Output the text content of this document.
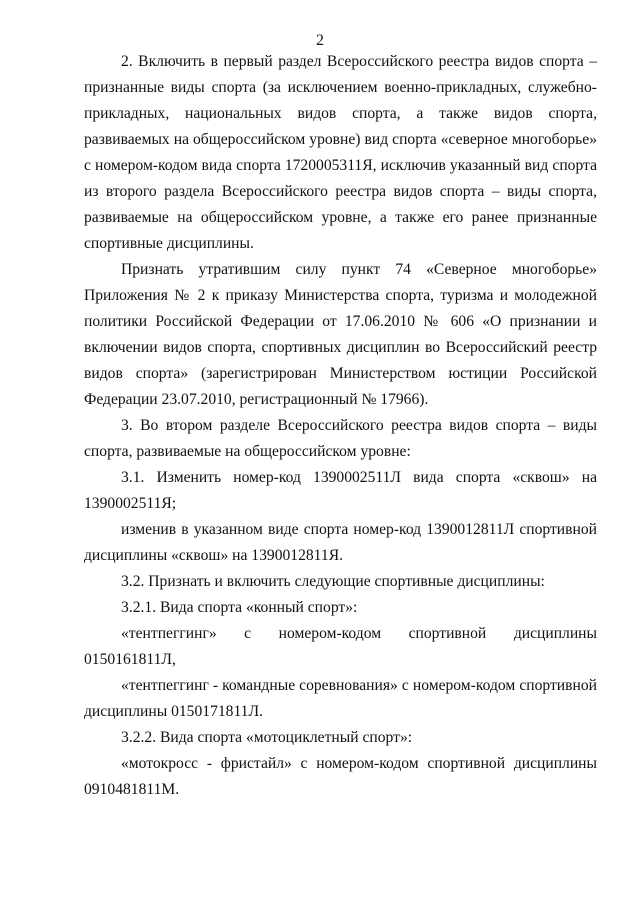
2

2. Включить в первый раздел Всероссийского реестра видов спорта – признанные виды спорта (за исключением военно-прикладных, служебно-прикладных, национальных видов спорта, а также видов спорта, развиваемых на общероссийском уровне) вид спорта «северное многоборье» с номером-кодом вида спорта 1720005311Я, исключив указанный вид спорта из второго раздела Всероссийского реестра видов спорта – виды спорта, развиваемые на общероссийском уровне, а также его ранее признанные спортивные дисциплины.

Признать утратившим силу пункт 74 «Северное многоборье» Приложения № 2 к приказу Министерства спорта, туризма и молодежной политики Российской Федерации от 17.06.2010 № 606 «О признании и включении видов спорта, спортивных дисциплин во Всероссийский реестр видов спорта» (зарегистрирован Министерством юстиции Российской Федерации 23.07.2010, регистрационный № 17966).

3. Во втором разделе Всероссийского реестра видов спорта – виды спорта, развиваемые на общероссийском уровне:

3.1. Изменить номер-код 1390002511Л вида спорта «сквош» на 1390002511Я;

изменив в указанном виде спорта номер-код 1390012811Л спортивной дисциплины «сквош» на 1390012811Я.

3.2. Признать и включить следующие спортивные дисциплины:

3.2.1. Вида спорта «конный спорт»:

«тентпеггинг» с номером-кодом спортивной дисциплины 0150161811Л,

«тентпеггинг - командные соревнования» с номером-кодом спортивной дисциплины 0150171811Л.

3.2.2. Вида спорта «мотоциклетный спорт»:

«мотокросс - фристайл» с номером-кодом спортивной дисциплины 0910481811М.
